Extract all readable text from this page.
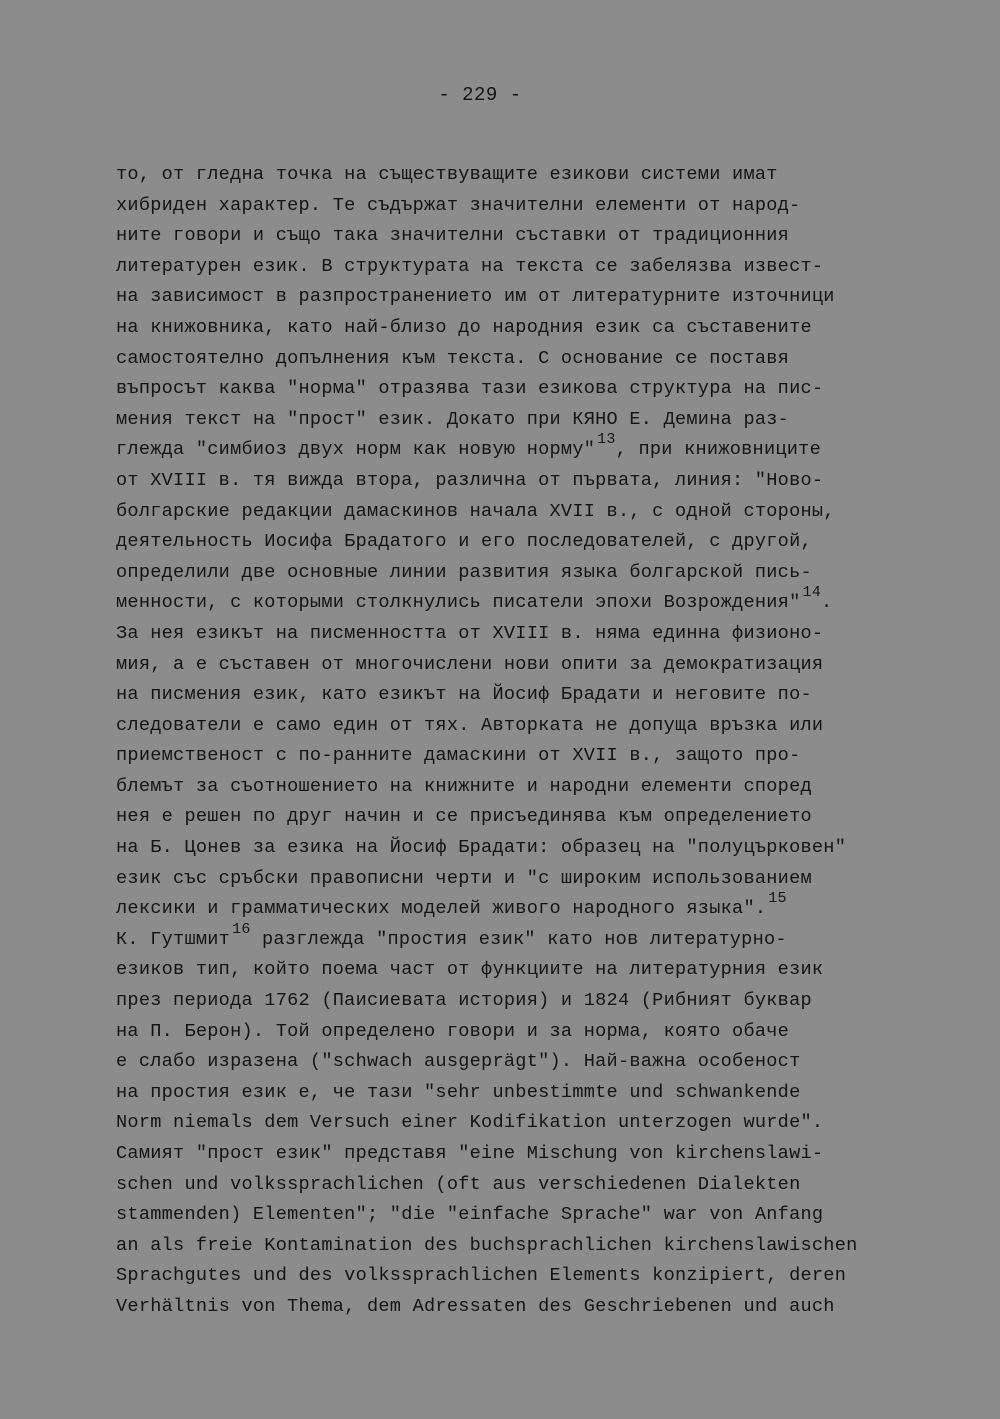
- 229 -
то, от гледна точка на съществуващите езикови системи имат
хибриден характер. Те съдържат значителни елементи от народ-
ните говори и също така значителни съставки от традиционния
литературен език. В структурата на текста се забелязва извест-
на зависимост в разпространението им от литературните източници
на книжовника, като най-близо до народния език са съставените
самостоятелно допълнения към текста. С основание се поставя
въпросът каква "норма" отразява тази езикова структура на пис-
мения текст на "прост" език. Докато при КЯНО Е. Демина раз-
глежда "симбиоз двух норм как новую норму" $^{13}$, при книжовниците
от XVIII в. тя вижда втора, различна от първата, линия: "Ново-
болгарские редакции дамаскинов начала XVII в., с одной стороны,
деятельность Иосифа Брадатого и его последователей, с другой,
определили две основные линии развития языка болгарской пись-
менности, с которыми столкнулись писатели эпохи Возрождения" $^{14}$.
За нея езикът на писменността от XVIII в. няма единна физионо-
мия, а е съставен от многочислени нови опити за демократизация
на писмения език, като езикът на Йосиф Брадати и неговите по-
следователи е само един от тях. Авторката не допуща връзка или
приемственост с по-ранните дамаскини от XVII в., защото про-
блемът за съотношението на книжните и народни елементи според
нея е решен по друг начин и се присъединява към определението
на Б. Цонев за езика на Йосиф Брадати: образец на "полуцърковен"
език със сръбски правописни черти и "с широким использованием
лексики и грамматических моделей живого народного языка". $^{15}$
К. Гутшмит $^{16}$ разглежда "простия език" като нов литературно-
езиков тип, който поема част от функциите на литературния език
през периода 1762 (Паисиевата история) и 1824 (Рибният буквар
на П. Берон). Той определено говори и за норма, която обаче
е слабо изразена ("schwach ausgeprägt"). Най-важна особеност
на простия език е, че тази "sehr unbestimmte und schwankende
Norm niemals dem Versuch einer Kodifikation unterzogen wurde".
Самият "прост език" представя "eine Mischung von kirchenslawi-
schen und volkssprachlichen (oft aus verschiedenen Dialekten
stammenden) Elementen"; "die "einfache Sprache" war von Anfang
an als freie Kontamination des buchsprachlichen kirchenslawischen
Sprachgutes und des volkssprachlichen Elements konzipiert, deren
Verhältnis von Thema, dem Adressaten des Geschriebenen und auch
